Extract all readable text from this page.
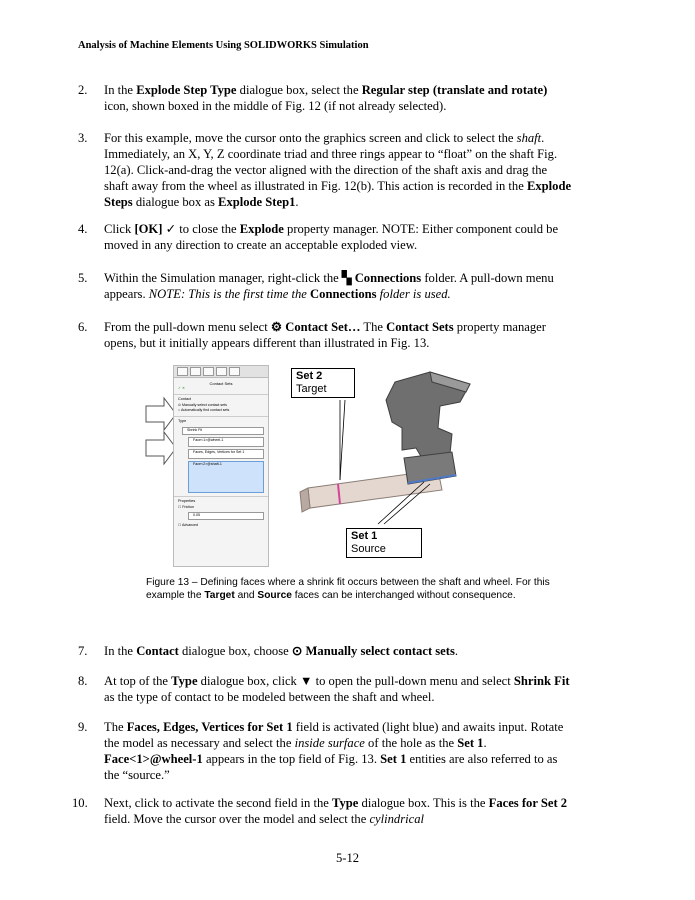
Analysis of Machine Elements Using SOLIDWORKS Simulation
2. In the Explode Step Type dialogue box, select the Regular step (translate and rotate) icon, shown boxed in the middle of Fig. 12 (if not already selected).
3. For this example, move the cursor onto the graphics screen and click to select the shaft. Immediately, an X, Y, Z coordinate triad and three rings appear to “float” on the shaft Fig. 12(a). Click-and-drag the vector aligned with the direction of the shaft axis and drag the shaft away from the wheel as illustrated in Fig. 12(b). This action is recorded in the Explode Steps dialogue box as Explode Step1.
4. Click [OK] ✓ to close the Explode property manager. NOTE: Either component could be moved in any direction to create an acceptable exploded view.
5. Within the Simulation manager, right-click the ▚ Connections folder. A pull-down menu appears. NOTE: This is the first time the Connections folder is used.
6. From the pull-down menu select ⚙ Contact Set… The Contact Sets property manager opens, but it initially appears different than illustrated in Fig. 13.
Contact Sets
✓ ✕
Contact
⊙ Manually select contact sets
○ Automatically find contact sets
Type
Shrink Fit
Face<1>@wheel-1
Faces, Edges, Vertices for Set 1
Face<2>@shaft-1
Properties
☐ Friction
0.05
☐ Advanced
Set 2
Target
Set 1
Source
Figure 13 – Defining faces where a shrink fit occurs between the shaft and wheel. For this example the Target and Source faces can be interchanged without consequence.
7. In the Contact dialogue box, choose ⊙ Manually select contact sets.
8. At top of the Type dialogue box, click ▼ to open the pull-down menu and select Shrink Fit as the type of contact to be modeled between the shaft and wheel.
9. The Faces, Edges, Vertices for Set 1 field is activated (light blue) and awaits input. Rotate the model as necessary and select the inside surface of the hole as the Set 1. Face<1>@wheel-1 appears in the top field of Fig. 13. Set 1 entities are also referred to as the “source.”
10. Next, click to activate the second field in the Type dialogue box. This is the Faces for Set 2 field. Move the cursor over the model and select the cylindrical
5-12
